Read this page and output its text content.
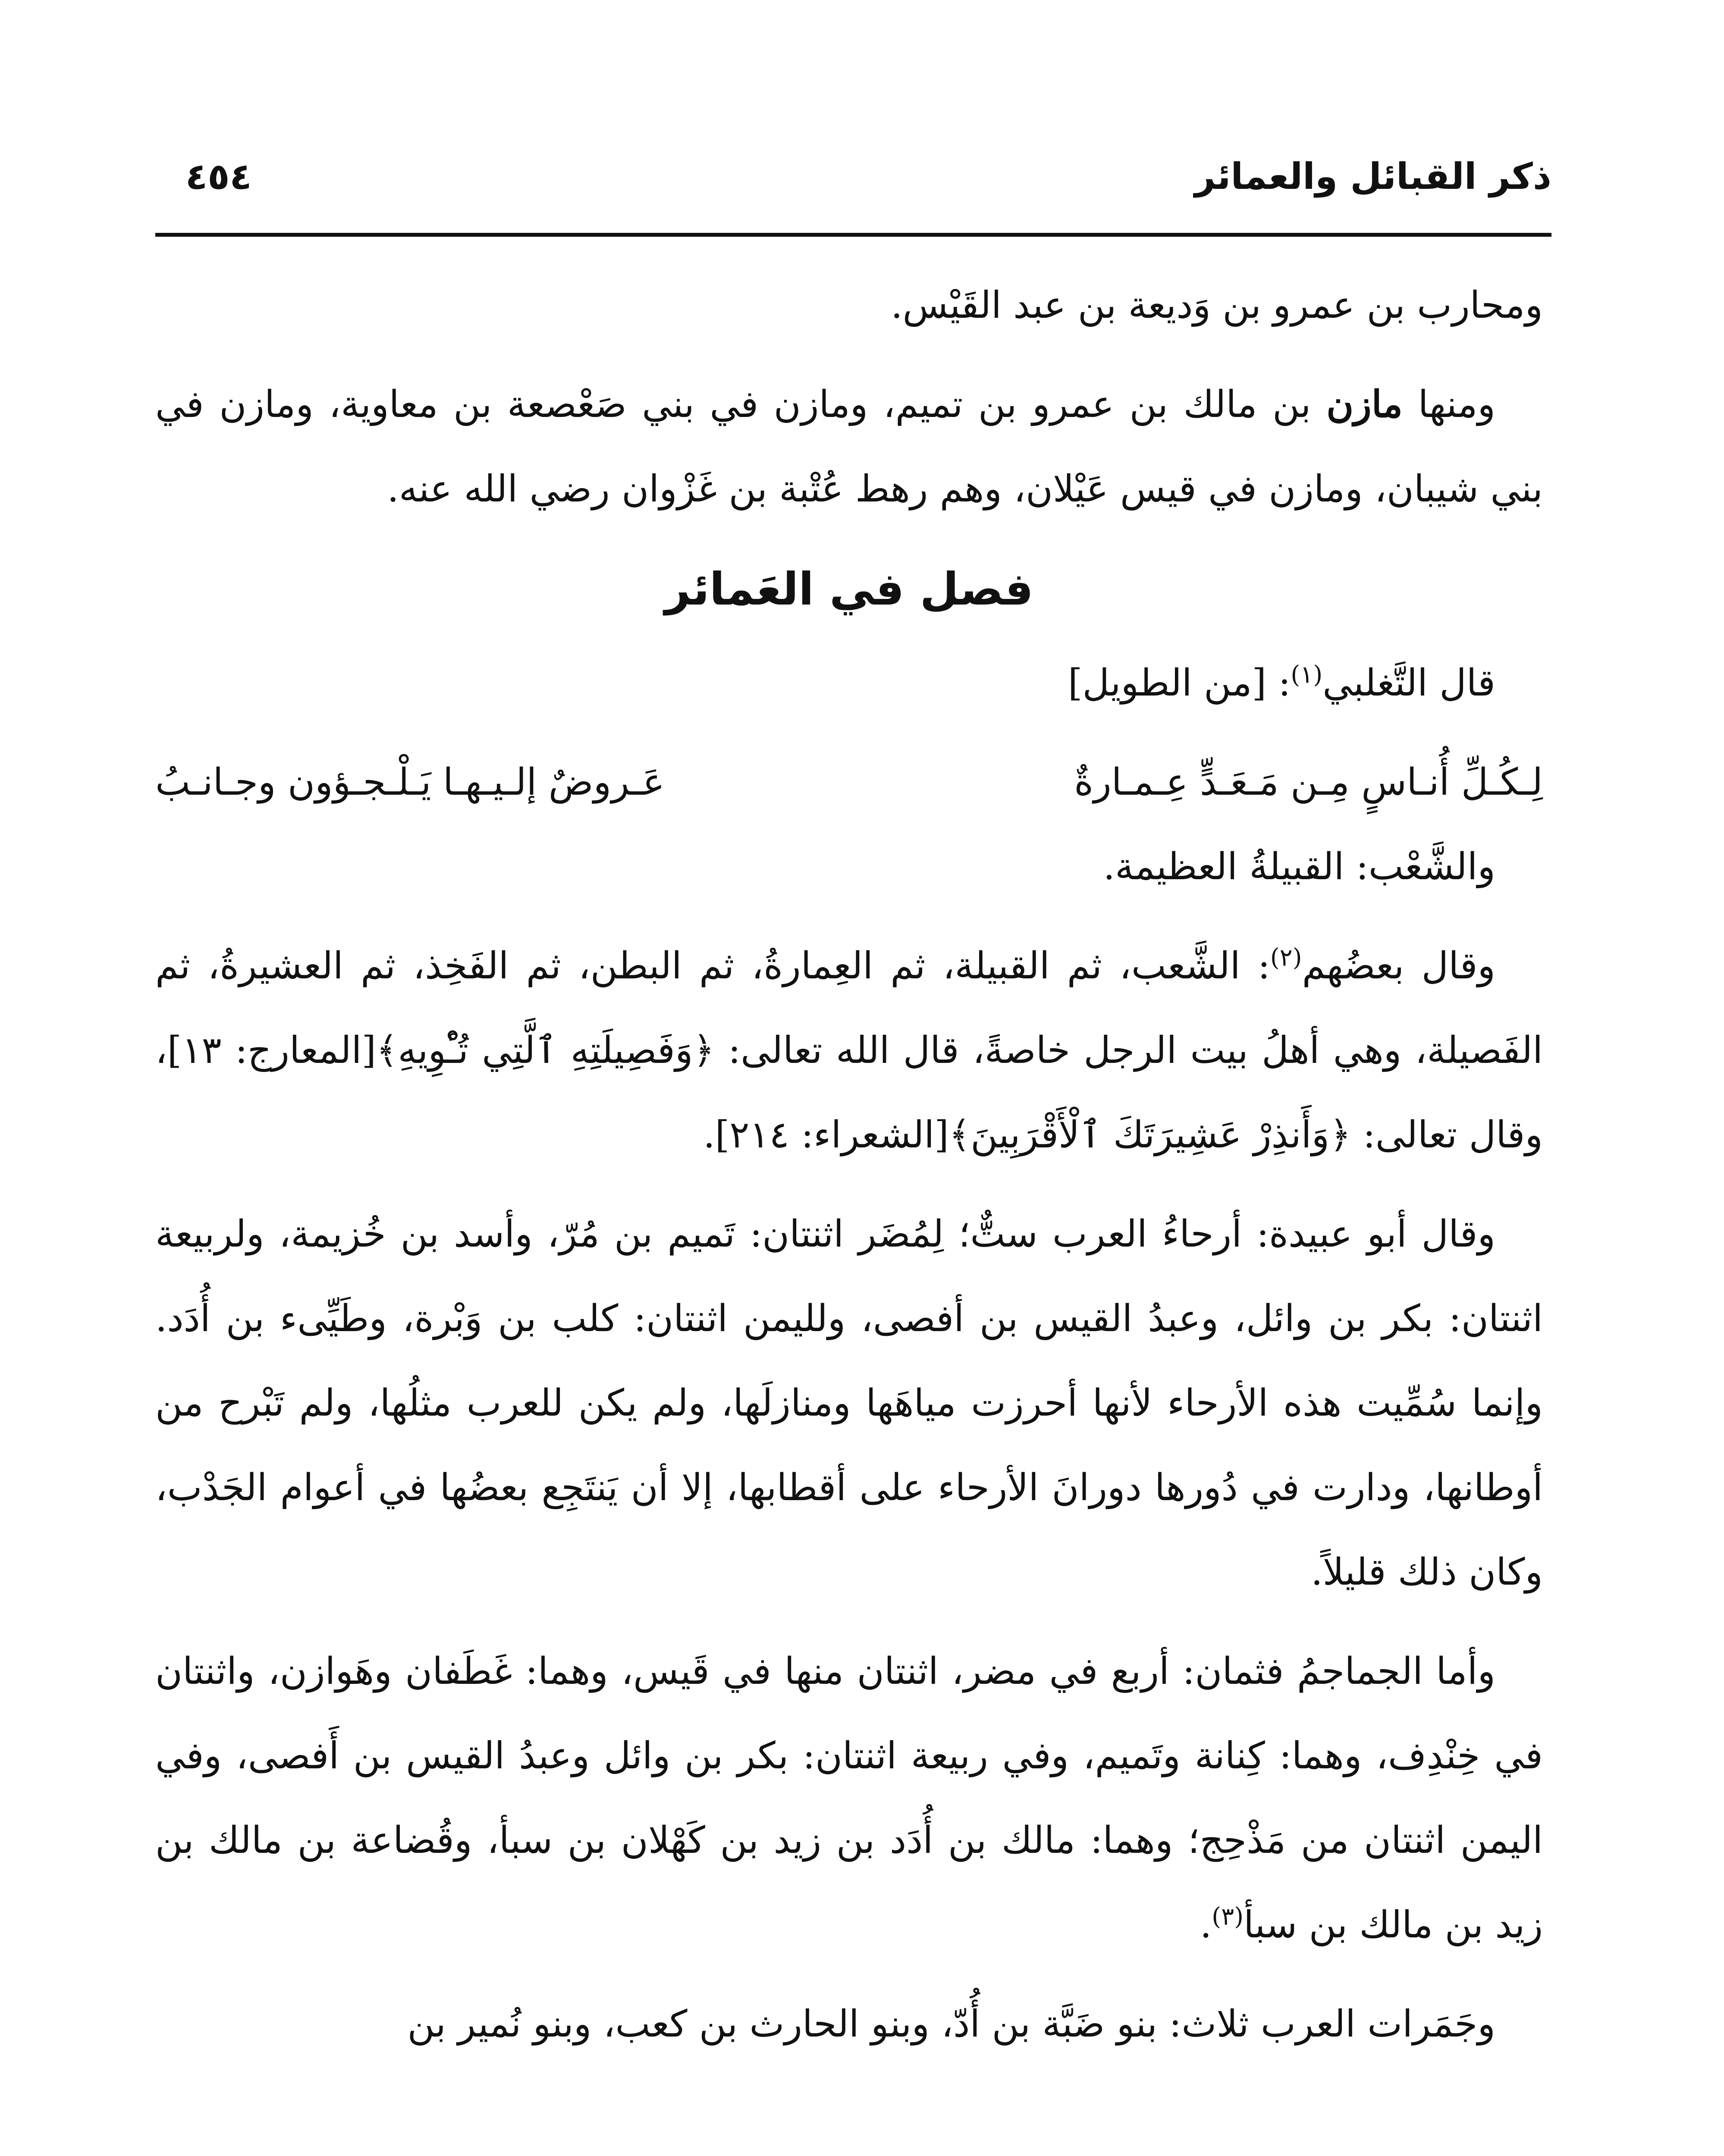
ذكر القبائل والعمائر
٤٥٤

ومحارب بن عمرو بن وَديعة بن عبد القَيْس.

ومنها مازن بن مالك بن عمرو بن تميم، ومازن في بني صَعْصعة بن معاوية، ومازن في بني شيبان، ومازن في قيس عَيْلان، وهم رهط عُتْبة بن غَزْوان رضي الله عنه.

فصل في العَمائر

قال التَّغلبي$^{(١)}$: [من الطويل]

لِـكُـلِّ أُنـاسٍ مِـن مَـعَـدٍّ عِـمـارةٌ
عَـروضٌ إلـيـهـا يَـلْـجـؤون وجـانـبُ

والشَّعْب: القبيلةُ العظيمة.

وقال بعضُهم$^{(٢)}$: الشَّعب، ثم القبيلة، ثم العِمارةُ، ثم البطن، ثم الفَخِذ، ثم العشيرةُ، ثم الفَصيلة، وهي أهلُ بيت الرجل خاصةً، قال الله تعالى: ﴿وَفَصِيلَتِهِ ٱلَّتِي تُـْٔوِيهِ﴾[المعارج: ١٣]، وقال تعالى: ﴿وَأَنذِرْ عَشِيرَتَكَ ٱلْأَقْرَبِينَ﴾[الشعراء: ٢١٤].

وقال أبو عبيدة: أرحاءُ العرب ستٌّ؛ لِمُضَر اثنتان: تَميم بن مُرّ، وأسد بن خُزيمة، ولربيعة اثنتان: بكر بن وائل، وعبدُ القيس بن أفصى، ولليمن اثنتان: كلب بن وَبْرة، وطَيِّىء بن أُدَد. وإنما سُمِّيت هذه الأرحاء لأنها أحرزت مياهَها ومنازلَها، ولم يكن للعرب مثلُها، ولم تَبْرح من أوطانها، ودارت في دُورها دورانَ الأرحاء على أقطابها، إلا أن يَنتَجِع بعضُها في أعوام الجَدْب، وكان ذلك قليلاً.

وأما الجماجمُ فثمان: أربع في مضر، اثنتان منها في قَيس، وهما: غَطَفان وهَوازن، واثنتان في خِنْدِف، وهما: كِنانة وتَميم، وفي ربيعة اثنتان: بكر بن وائل وعبدُ القيس بن أَفصى، وفي اليمن اثنتان من مَذْحِج؛ وهما: مالك بن أُدَد بن زيد بن كَهْلان بن سبأ، وقُضاعة بن مالك بن زيد بن مالك بن سبأ$^{(٣)}$.

وجَمَرات العرب ثلاث: بنو ضَبَّة بن أُدّ، وبنو الحارث بن كعب، وبنو نُمير بن
